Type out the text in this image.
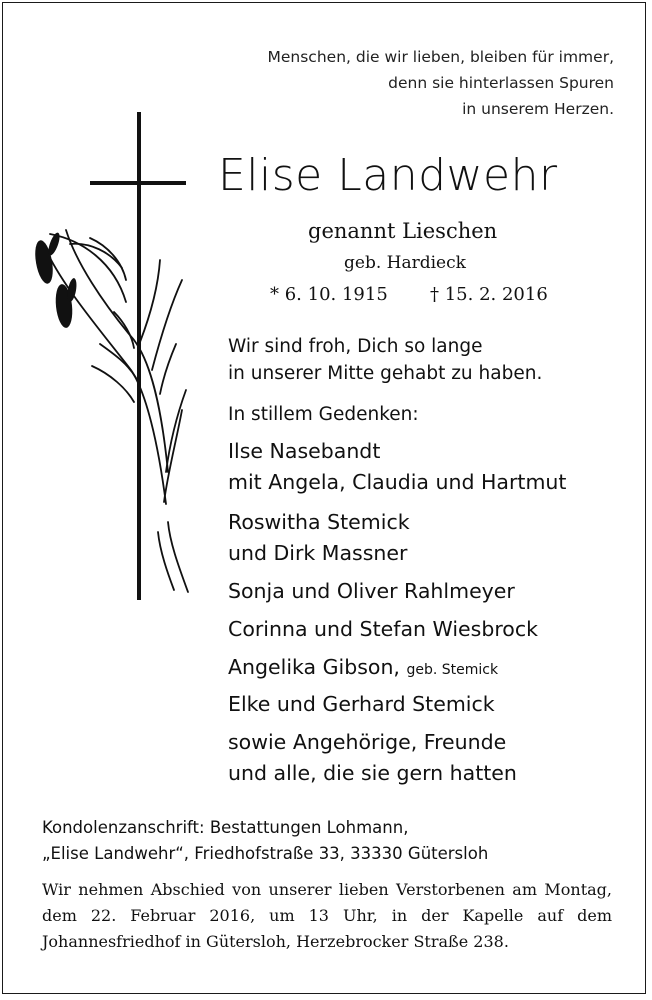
Menschen, die wir lieben, bleiben für immer,
denn sie hinterlassen Spuren
in unserem Herzen.
Elise Landwehr
genannt Lieschen
geb. Hardieck
* 6. 10. 1915 † 15. 2. 2016
Wir sind froh, Dich so lange
in unserer Mitte gehabt zu haben.
In stillem Gedenken:
Ilse Nasebandt
mit Angela, Claudia und Hartmut
Roswitha Stemick
und Dirk Massner
Sonja und Oliver Rahlmeyer
Corinna und Stefan Wiesbrock
Angelika Gibson, geb. Stemick
Elke und Gerhard Stemick
sowie Angehörige, Freunde
und alle, die sie gern hatten
Kondolenzanschrift: Bestattungen Lohmann,
„Elise Landwehr“, Friedhofstraße 33, 33330 Gütersloh
Wir nehmen Abschied von unserer lieben Verstorbenen am Montag, dem 22. Februar 2016, um 13 Uhr, in der Kapelle auf dem Johannesfriedhof in Gütersloh, Herzebrocker Straße 238.
